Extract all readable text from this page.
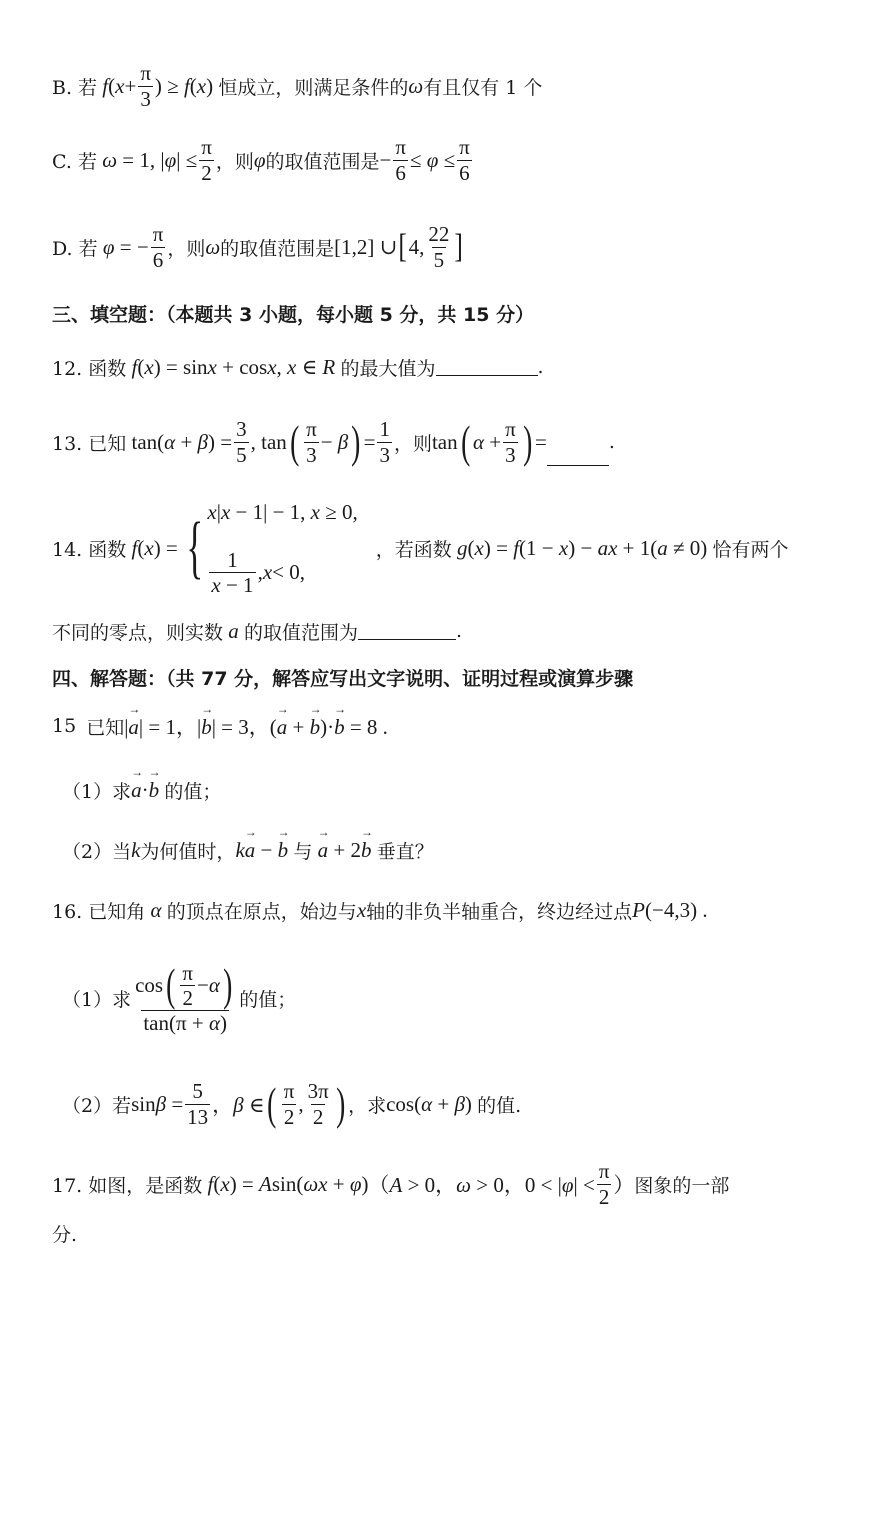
B. 若 $f(x+ \frac{\pi}{3}$ ) ≥ f(x) 恒成立，则满足条件的 ω 有且仅有 1 个
C. 若 ω = 1, $|\varphi| \le \frac{\pi}{2}$ ，则 φ 的取值范围是 − $\frac{\pi}{6} \le \varphi \le \frac{\pi}{6}$
D. 若 φ = − $\frac{\pi}{6}$ ，则 ω 的取值范围是 [1,2] ∪ [ 4, $\frac{22}{5}$ ]
三、填空题：（本题共 3 小题，每小题 5 分，共 15 分）
12. 函数 f(x) = sinx + cosx, x ∈ R 的最大值为	.
13. 已知 $\tan(\alpha + \beta) = \frac{3}{5}$ , tan ( $\frac{\pi}{3} - \beta$ ) = $\frac{1}{3}$ ，则 tan ( $\alpha + \frac{\pi}{3}$ ) =	.
14. 函数 f(x) = { x|x − 1| − 1, x ≥ 0,
$\frac{1}{x - 1}$ , x < 0,
，若函数 g(x) = f(1 − x) − ax + 1(a ≠ 0) 恰有两个
不同的零点，则实数 a 的取值范围为	.
四、解答题：（共 77 分，解答应写出文字说明、证明过程或演算步骤
15 已知 |→ a| = 1，|→ b| = 3，(→ a + → b)·→ b = 8 .
（1）求 → a·→ b 的值；
（2）当 k 为何值时， k→ a − → b 与 → a + 2→ b 垂直？
16. 已知角 α 的顶点在原点，始边与 x 轴的非负半轴重合，终边经过点 P(−4,3) .
（1）求 $\frac{\cos ( \frac{\pi}{2} - \alpha )}{\tan(\pi + \alpha)}$ 的值；
（2）若 $\sin\beta = \frac{5}{13}$ ，β ∈ ( $\frac{\pi}{2}$ , $\frac{3\pi}{2}$ ) ，求 cos(α + β) 的值.
17. 如图，是函数 f(x) = Asin(ωx + φ) （A > 0，ω > 0，$0 < |\varphi| < \frac{\pi}{2}$ ） 图象的一部
分.
